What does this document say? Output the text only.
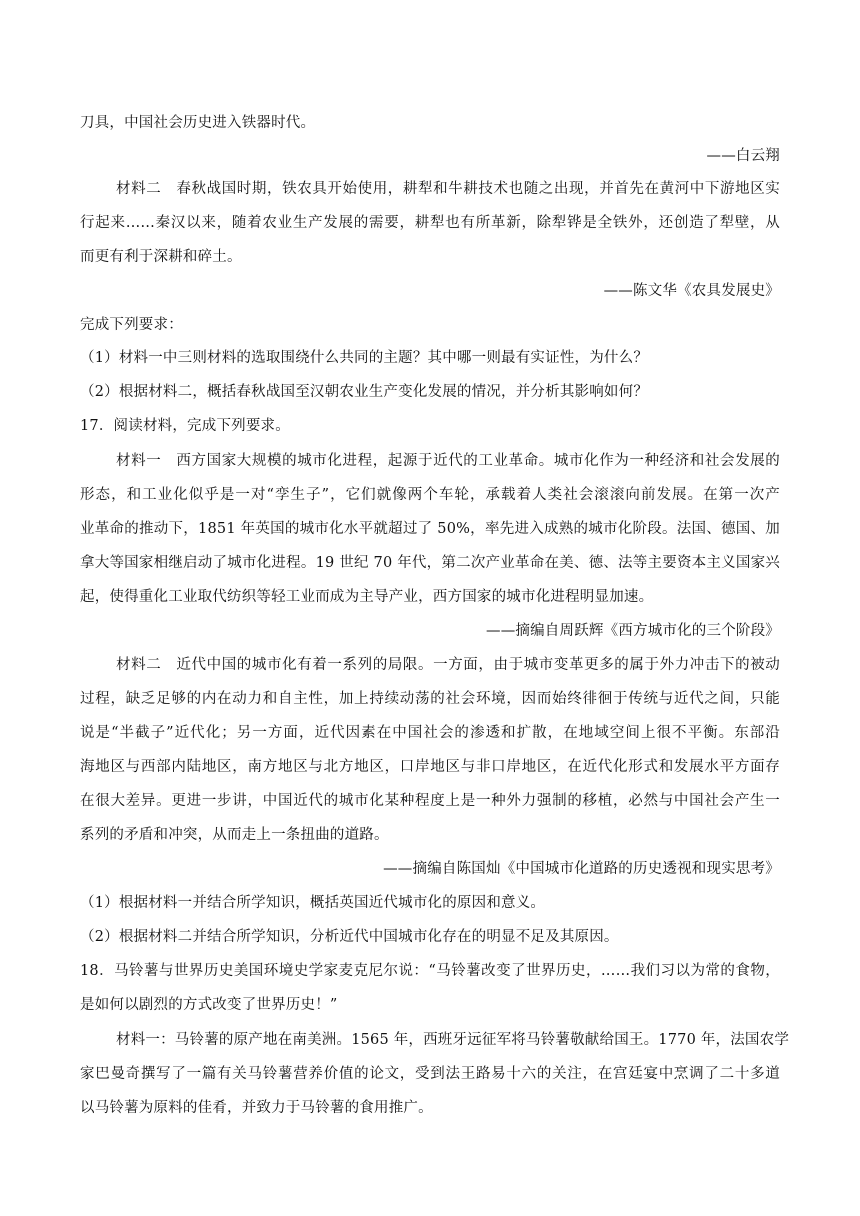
刀具，中国社会历史进入铁器时代。
——白云翔
材料二　春秋战国时期，铁农具开始使用，耕犁和牛耕技术也随之出现，并首先在黄河中下游地区实
行起来……秦汉以来，随着农业生产发展的需要，耕犁也有所革新，除犁铧是全铁外，还创造了犁壁，从
而更有利于深耕和碎土。
——陈文华《农具发展史》
完成下列要求：
（1）材料一中三则材料的选取围绕什么共同的主题？其中哪一则最有实证性，为什么？
（2）根据材料二，概括春秋战国至汉朝农业生产变化发展的情况，并分析其影响如何？
17．阅读材料，完成下列要求。
材料一　西方国家大规模的城市化进程，起源于近代的工业革命。城市化作为一种经济和社会发展的
形态，和工业化似乎是一对“孪生子”，它们就像两个车轮，承载着人类社会滚滚向前发展。在第一次产
业革命的推动下，1851 年英国的城市化水平就超过了 50%，率先进入成熟的城市化阶段。法国、德国、加
拿大等国家相继启动了城市化进程。19 世纪 70 年代，第二次产业革命在美、德、法等主要资本主义国家兴
起，使得重化工业取代纺织等轻工业而成为主导产业，西方国家的城市化进程明显加速。
——摘编自周跃辉《西方城市化的三个阶段》
材料二　近代中国的城市化有着一系列的局限。一方面，由于城市变革更多的属于外力冲击下的被动
过程，缺乏足够的内在动力和自主性，加上持续动荡的社会环境，因而始终徘徊于传统与近代之间，只能
说是“半截子”近代化；另一方面，近代因素在中国社会的渗透和扩散，在地域空间上很不平衡。东部沿
海地区与西部内陆地区，南方地区与北方地区，口岸地区与非口岸地区，在近代化形式和发展水平方面存
在很大差异。更进一步讲，中国近代的城市化某种程度上是一种外力强制的移植，必然与中国社会产生一
系列的矛盾和冲突，从而走上一条扭曲的道路。
——摘编自陈国灿《中国城市化道路的历史透视和现实思考》
（1）根据材料一并结合所学知识，概括英国近代城市化的原因和意义。
（2）根据材料二并结合所学知识，分析近代中国城市化存在的明显不足及其原因。
18．马铃薯与世界历史美国环境史学家麦克尼尔说：“马铃薯改变了世界历史，……我们习以为常的食物，
是如何以剧烈的方式改变了世界历史！”
材料一：马铃薯的原产地在南美洲。1565 年，西班牙远征军将马铃薯敬献给国王。1770 年，法国农学
家巴曼奇撰写了一篇有关马铃薯营养价值的论文，受到法王路易十六的关注，在宫廷宴中烹调了二十多道
以马铃薯为原料的佳肴，并致力于马铃薯的食用推广。
